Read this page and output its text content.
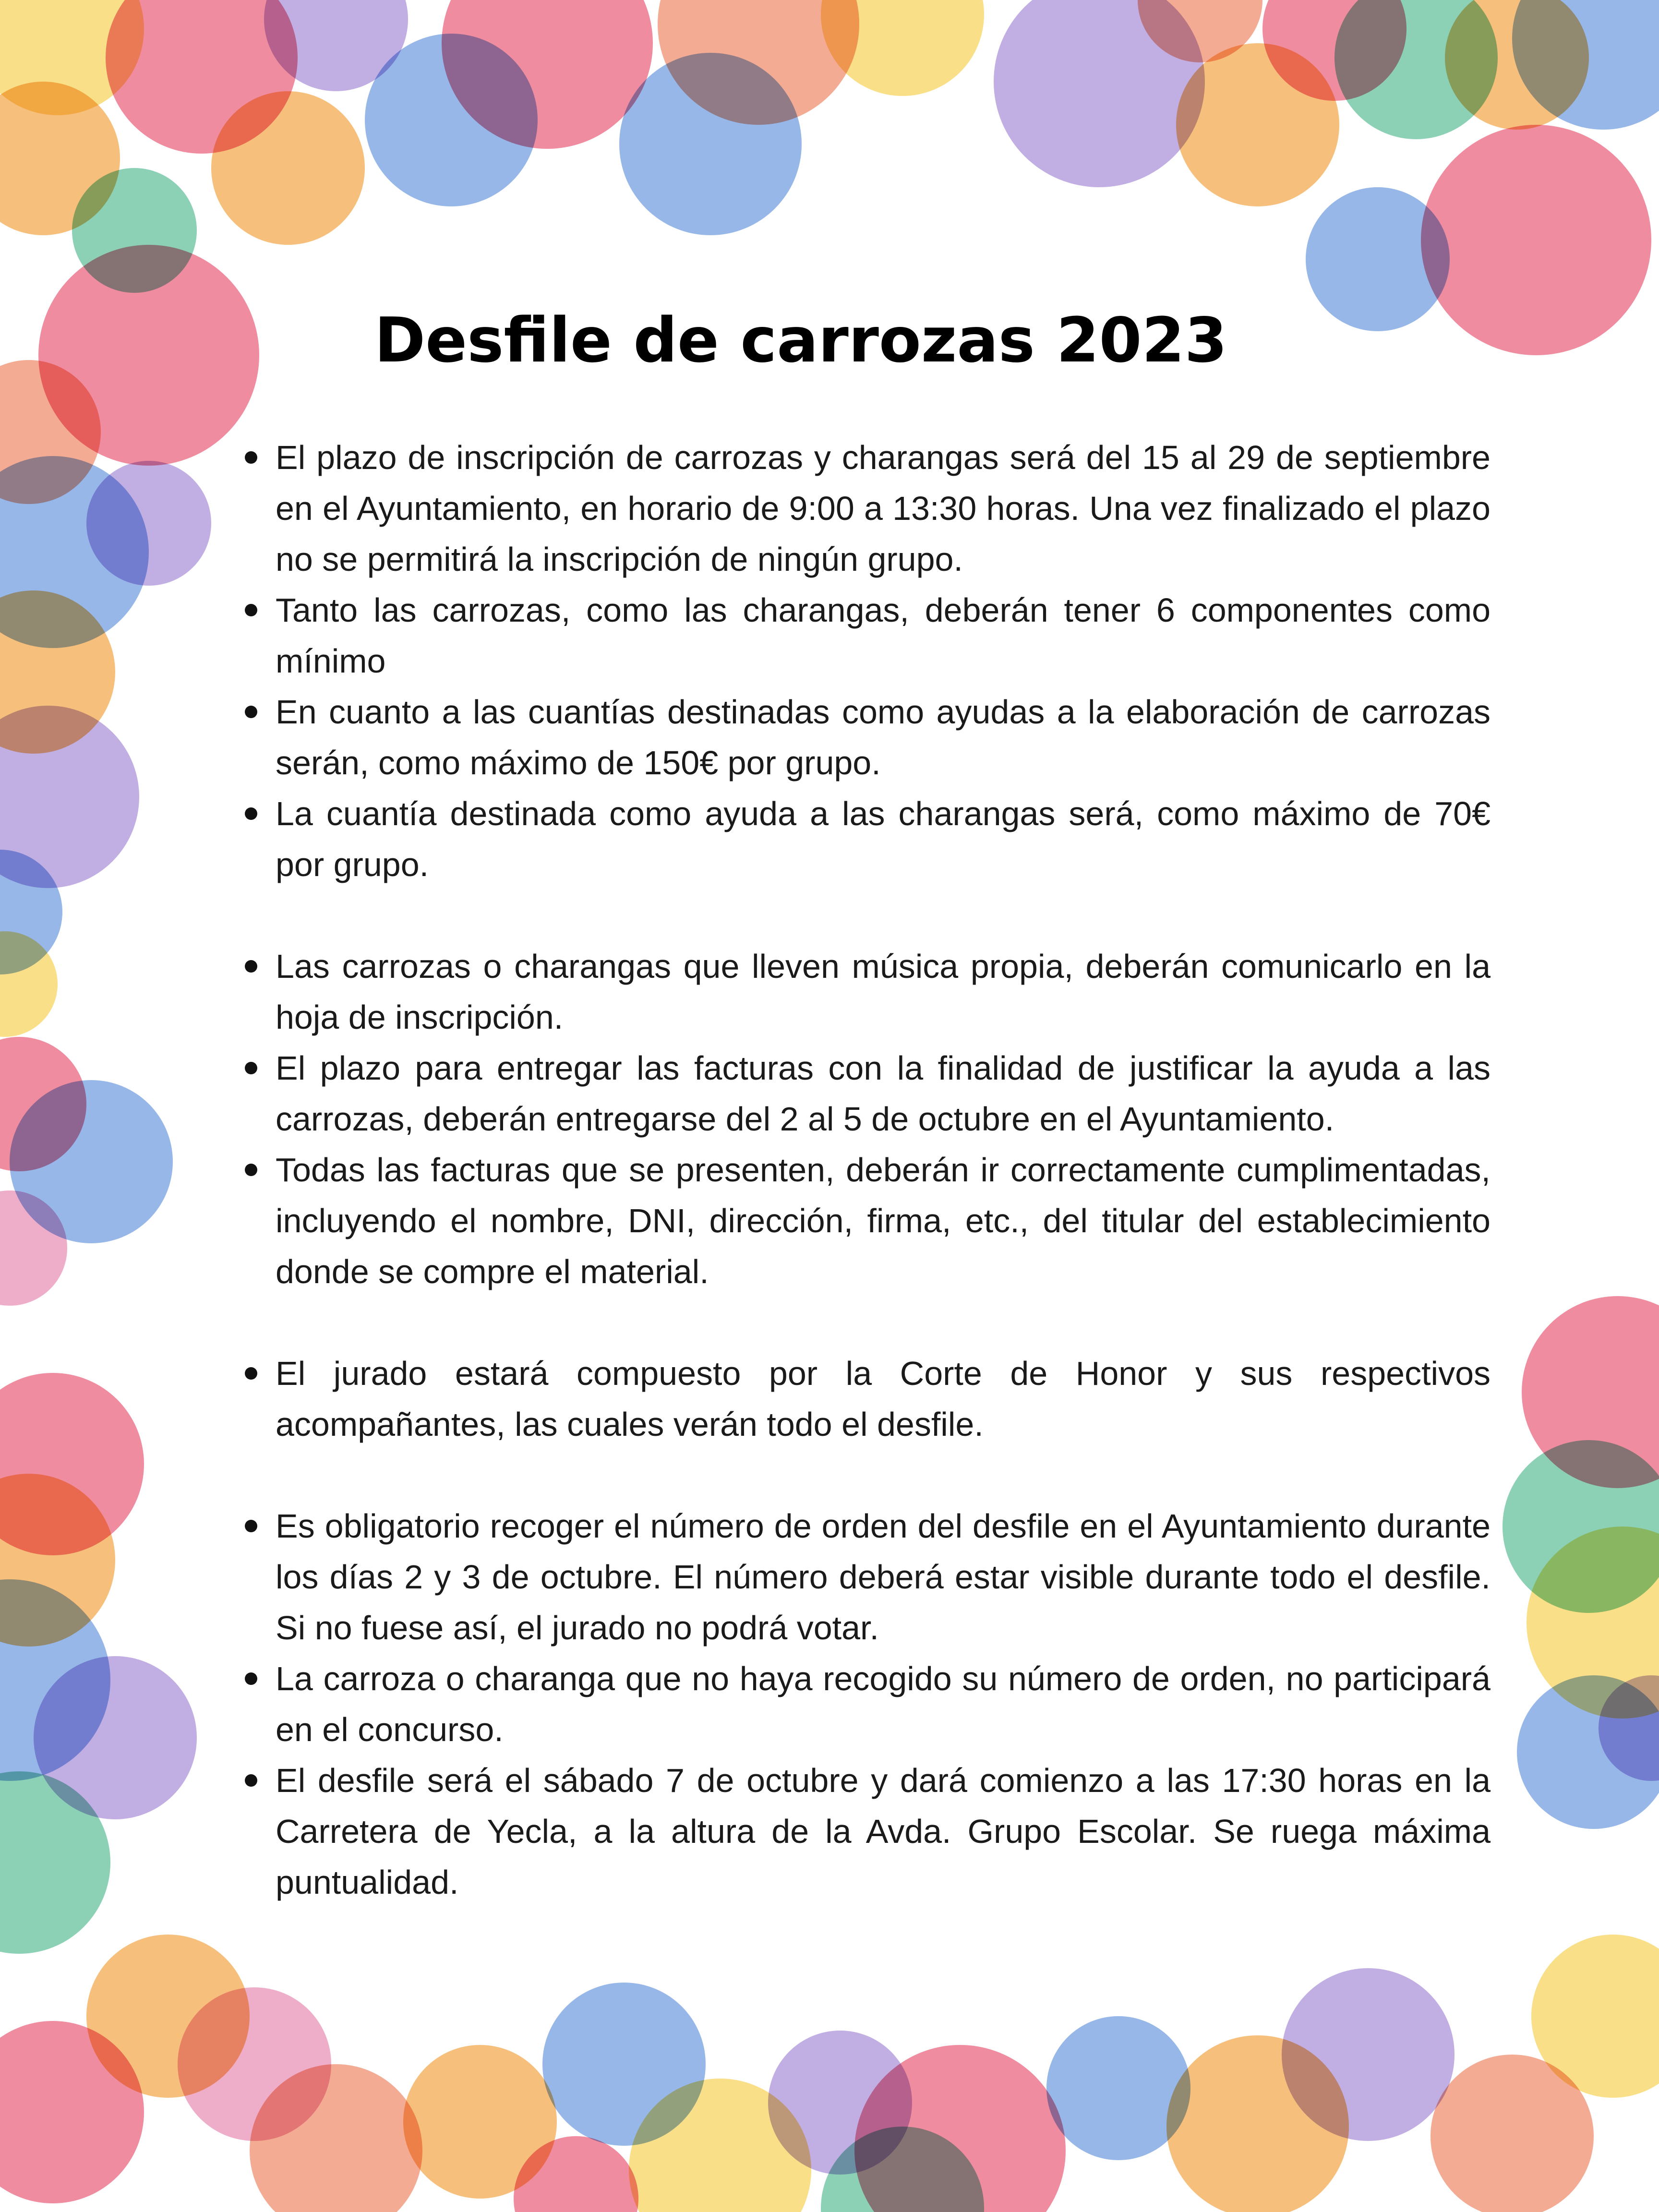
Desfile de carrozas 2023
El plazo de inscripción de carrozas y charangas será del 15 al 29 de septiembre en el Ayuntamiento, en horario de 9:00 a 13:30 horas. Una vez finalizado el plazo no se permitirá la inscripción de ningún grupo.
Tanto las carrozas, como las charangas, deberán tener 6 componentes como mínimo
En cuanto a las cuantías destinadas como ayudas a la elaboración de carrozas serán, como máximo de 150€ por grupo.
La cuantía destinada como ayuda a las charangas será, como máximo de 70€ por grupo.
Las carrozas o charangas que lleven música propia, deberán comunicarlo en la hoja de inscripción.
El plazo para entregar las facturas con la finalidad de justificar la ayuda a las carrozas, deberán entregarse del 2 al 5 de octubre en el Ayuntamiento.
Todas las facturas que se presenten, deberán ir correctamente cumplimentadas, incluyendo el nombre, DNI, dirección, firma, etc., del titular del establecimiento donde se compre el material.
El jurado estará compuesto por la Corte de Honor y sus respectivos acompañantes, las cuales verán todo el desfile.
Es obligatorio recoger el número de orden del desfile en el Ayuntamiento durante los días 2 y 3 de octubre. El número deberá estar visible durante todo el desfile. Si no fuese así, el jurado no podrá votar.
La carroza o charanga que no haya recogido su número de orden, no participará en el concurso.
El desfile será el sábado 7 de octubre y dará comienzo a las 17:30 horas en la Carretera de Yecla, a la altura de la Avda. Grupo Escolar. Se ruega máxima puntualidad.
